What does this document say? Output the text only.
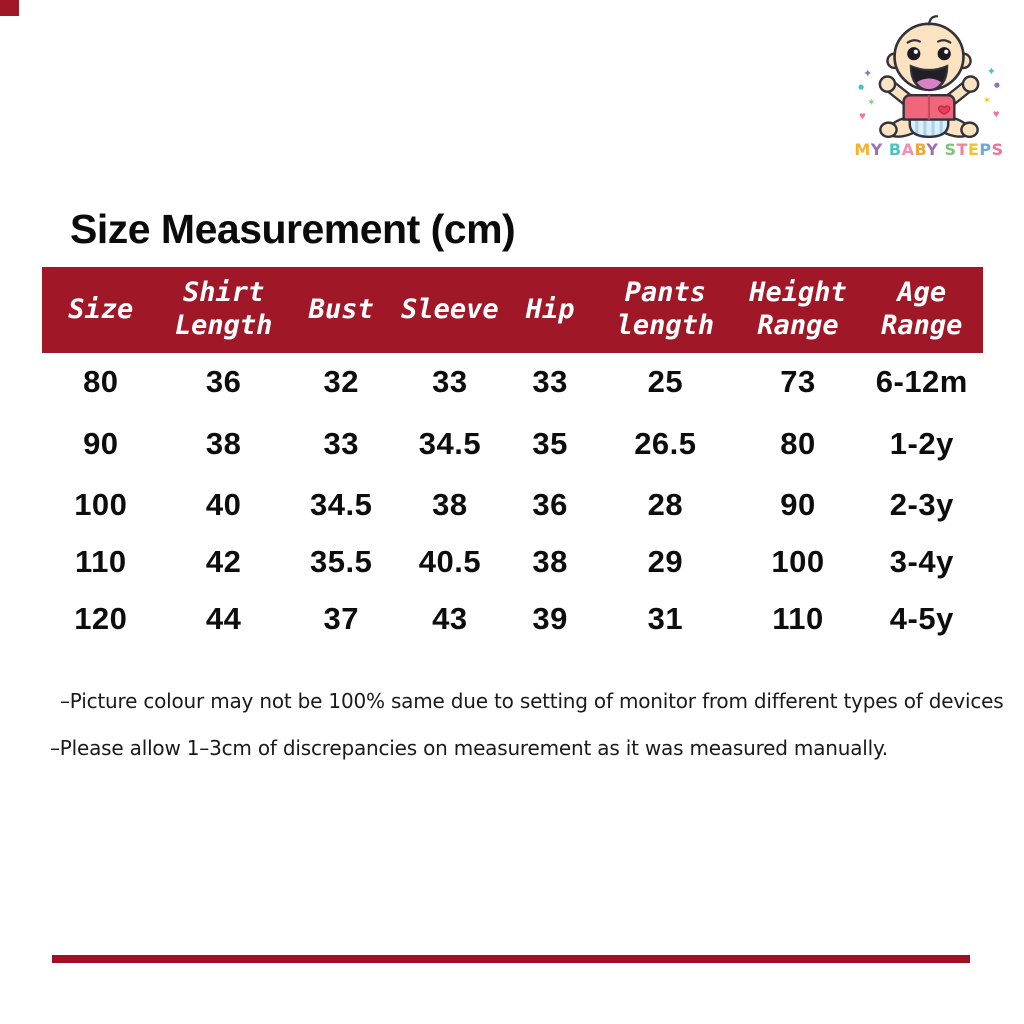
✦
✶
♥
✦
✶
♥
MY BABY STEPS
Size Measurement (cm)
Size	Shirt Length	Bust	Sleeve	Hip	Pants length	Height Range	Age Range
80	36	32	33	33	25	73	6-12m
90	38	33	34.5	35	26.5	80	1-2y
100	40	34.5	38	36	28	90	2-3y
110	42	35.5	40.5	38	29	100	3-4y
120	44	37	43	39	31	110	4-5y

–Picture colour may not be 100% same due to setting of monitor from different types of devices

–Please allow 1–3cm of discrepancies on measurement as it was measured manually.
